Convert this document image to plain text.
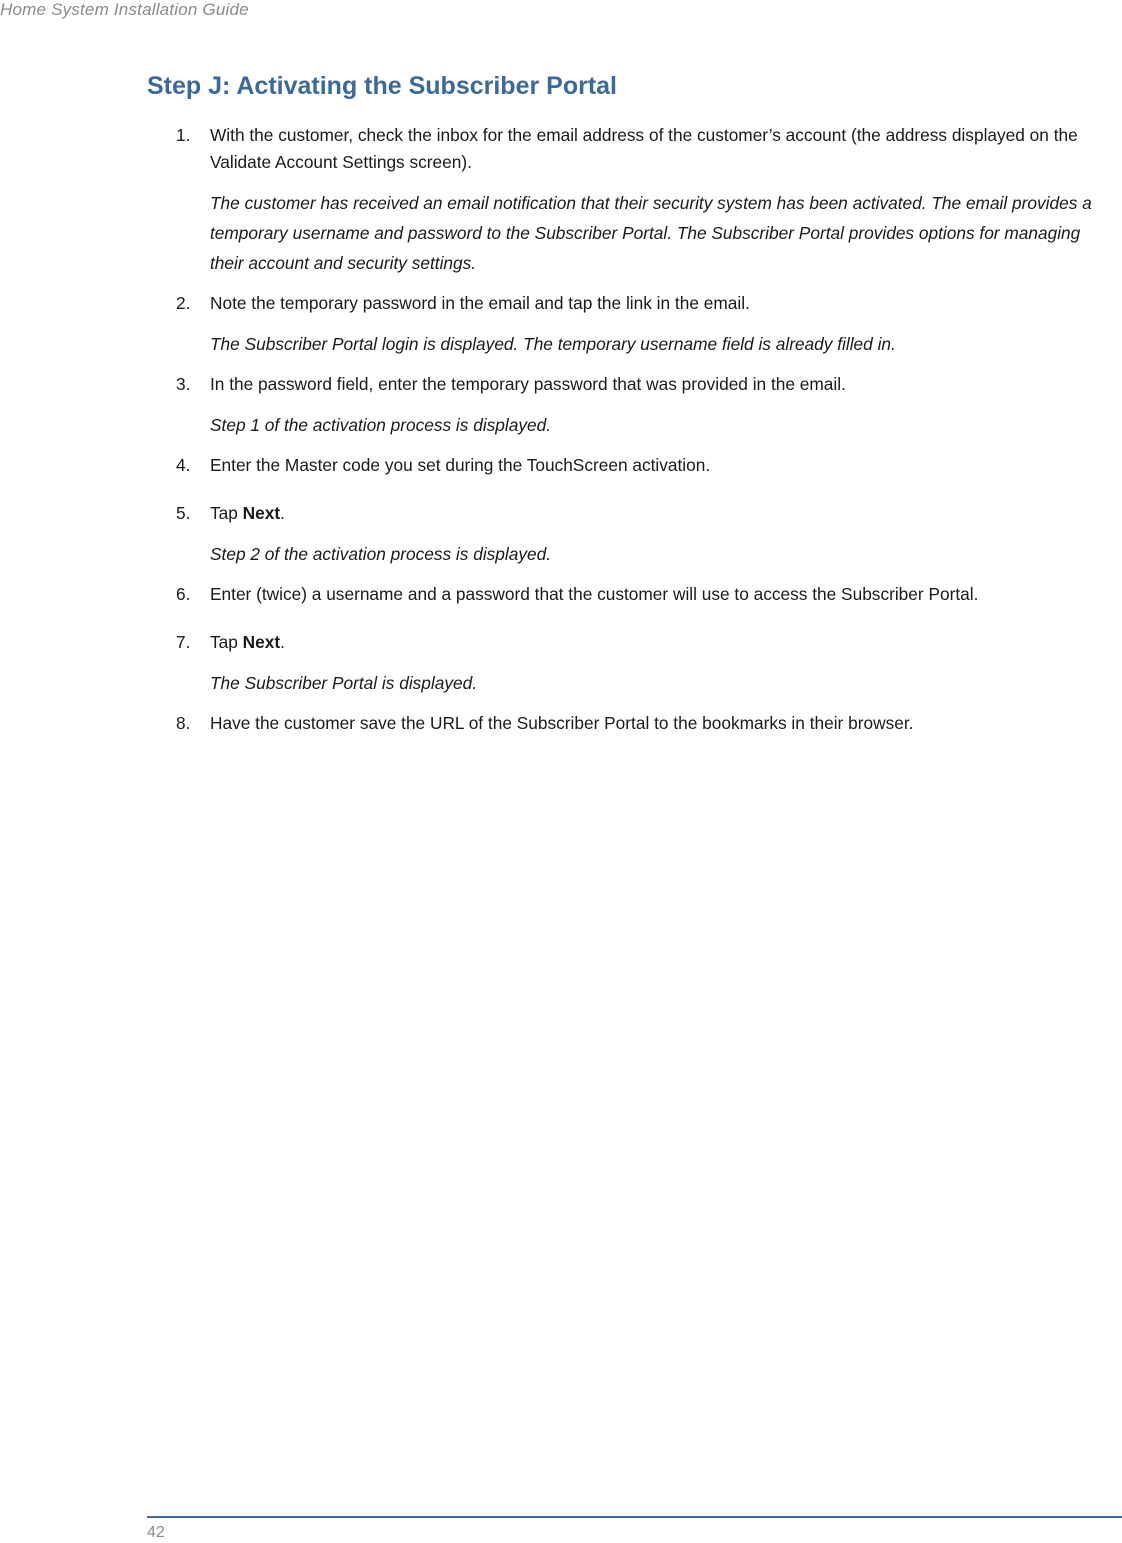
Home System Installation Guide
Step J: Activating the Subscriber Portal
1.	With the customer, check the inbox for the email address of the customer’s account (the address displayed on the Validate Account Settings screen).
The customer has received an email notification that their security system has been activated. The email provides a temporary username and password to the Subscriber Portal. The Subscriber Portal provides options for managing their account and security settings.
2.	Note the temporary password in the email and tap the link in the email.
The Subscriber Portal login is displayed. The temporary username field is already filled in.
3.	In the password field, enter the temporary password that was provided in the email.
Step 1 of the activation process is displayed.
4.	Enter the Master code you set during the TouchScreen activation.
5.	Tap Next.
Step 2 of the activation process is displayed.
6.	Enter (twice) a username and a password that the customer will use to access the Subscriber Portal.
7.	Tap Next.
The Subscriber Portal is displayed.
8.	Have the customer save the URL of the Subscriber Portal to the bookmarks in their browser.
42
